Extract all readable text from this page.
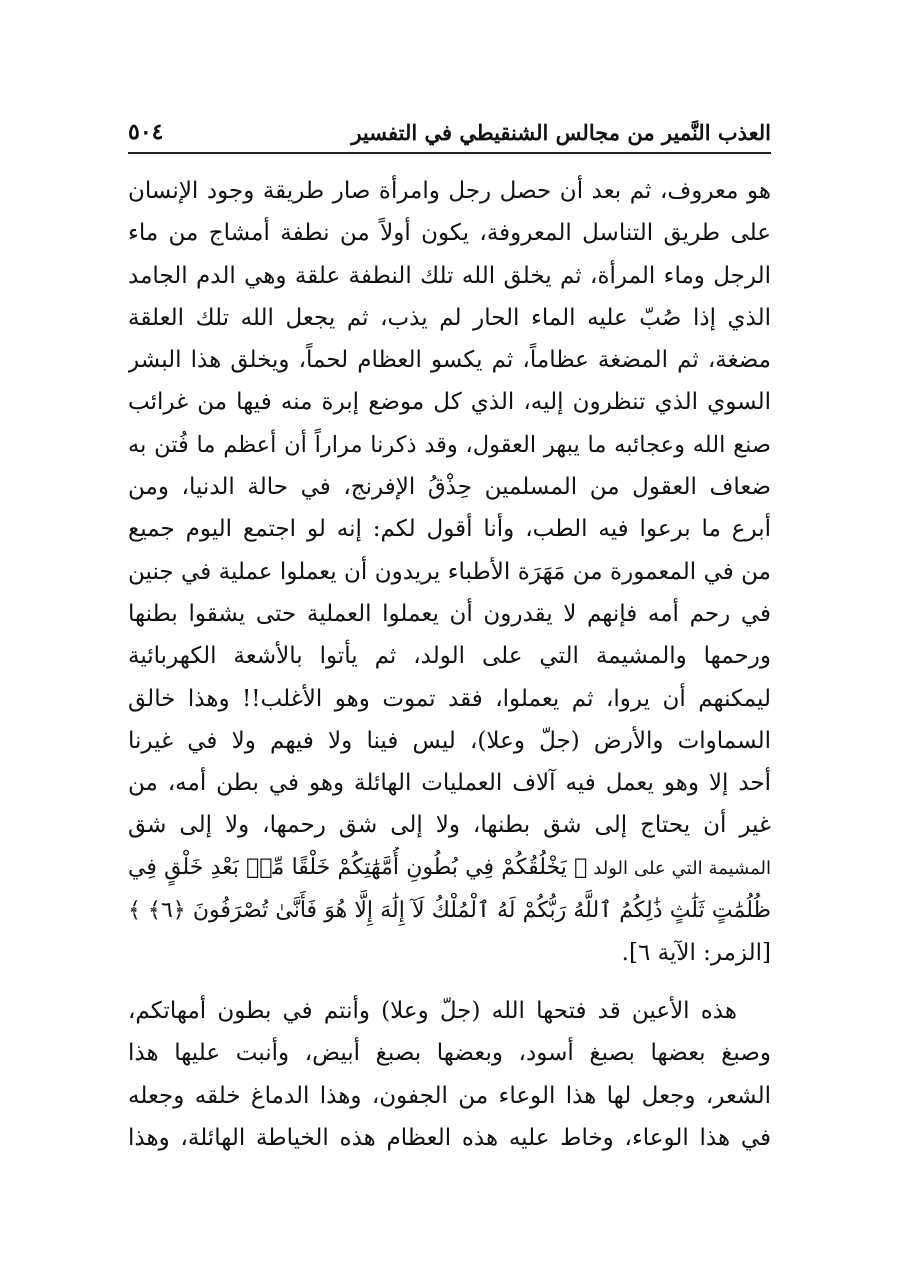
العذب النَّمير من مجالس الشنقيطي في التفسير
٥٠٤
هو معروف، ثم بعد أن حصل رجل وامرأة صار طريقة وجود الإنسان
على طريق التناسل المعروفة، يكون أولاً من نطفة أمشاج من ماء
الرجل وماء المرأة، ثم يخلق الله تلك النطفة علقة وهي الدم الجامد
الذي إذا صُبّ عليه الماء الحار لم يذب، ثم يجعل الله تلك العلقة
مضغة، ثم المضغة عظاماً، ثم يكسو العظام لحماً، ويخلق هذا البشر
السوي الذي تنظرون إليه، الذي كل موضع إبرة منه فيها من غرائب
صنع الله وعجائبه ما يبهر العقول، وقد ذكرنا مراراً أن أعظم ما فُتن به
ضعاف العقول من المسلمين حِذْقُ الإفرنج، في حالة الدنيا، ومن
أبرع ما برعوا فيه الطب، وأنا أقول لكم: إنه لو اجتمع اليوم جميع
من في المعمورة من مَهَرَة الأطباء يريدون أن يعملوا عملية في جنين
في رحم أمه فإنهم لا يقدرون أن يعملوا العملية حتى يشقوا بطنها
ورحمها والمشيمة التي على الولد، ثم يأتوا بالأشعة الكهربائية
ليمكنهم أن يروا، ثم يعملوا، فقد تموت وهو الأغلب!! وهذا خالق
السماوات والأرض (جلّ وعلا)، ليس فينا ولا فيهم ولا في غيرنا
أحد إلا وهو يعمل فيه آلاف العمليات الهائلة وهو في بطن أمه، من
غير أن يحتاج إلى شق بطنها، ولا إلى شق رحمها، ولا إلى شق
المشيمة التي على الولد ﴿ يَخْلُقُكُمْ فِي بُطُونِ أُمَّهَٰتِكُمْ خَلْقًا مِّنۢ بَعْدِ خَلْقٍ فِي
ظُلُمَٰتٍ ثَلَٰثٍ ذَٰلِكُمُ ٱللَّهُ رَبُّكُمْ لَهُ ٱلْمُلْكُ لَآ إِلَٰهَ إِلَّا هُوَ فَأَنَّىٰ تُصْرَفُونَ ﴿٦﴾ ﴾
[الزمر: الآية ٦].
هذه الأعين قد فتحها الله (جلّ وعلا) وأنتم في بطون أمهاتكم،
وصبغ بعضها بصبغ أسود، وبعضها بصبغ أبيض، وأنبت عليها هذا
الشعر، وجعل لها هذا الوعاء من الجفون، وهذا الدماغ خلقه وجعله
في هذا الوعاء، وخاط عليه هذه العظام هذه الخياطة الهائلة، وهذا
